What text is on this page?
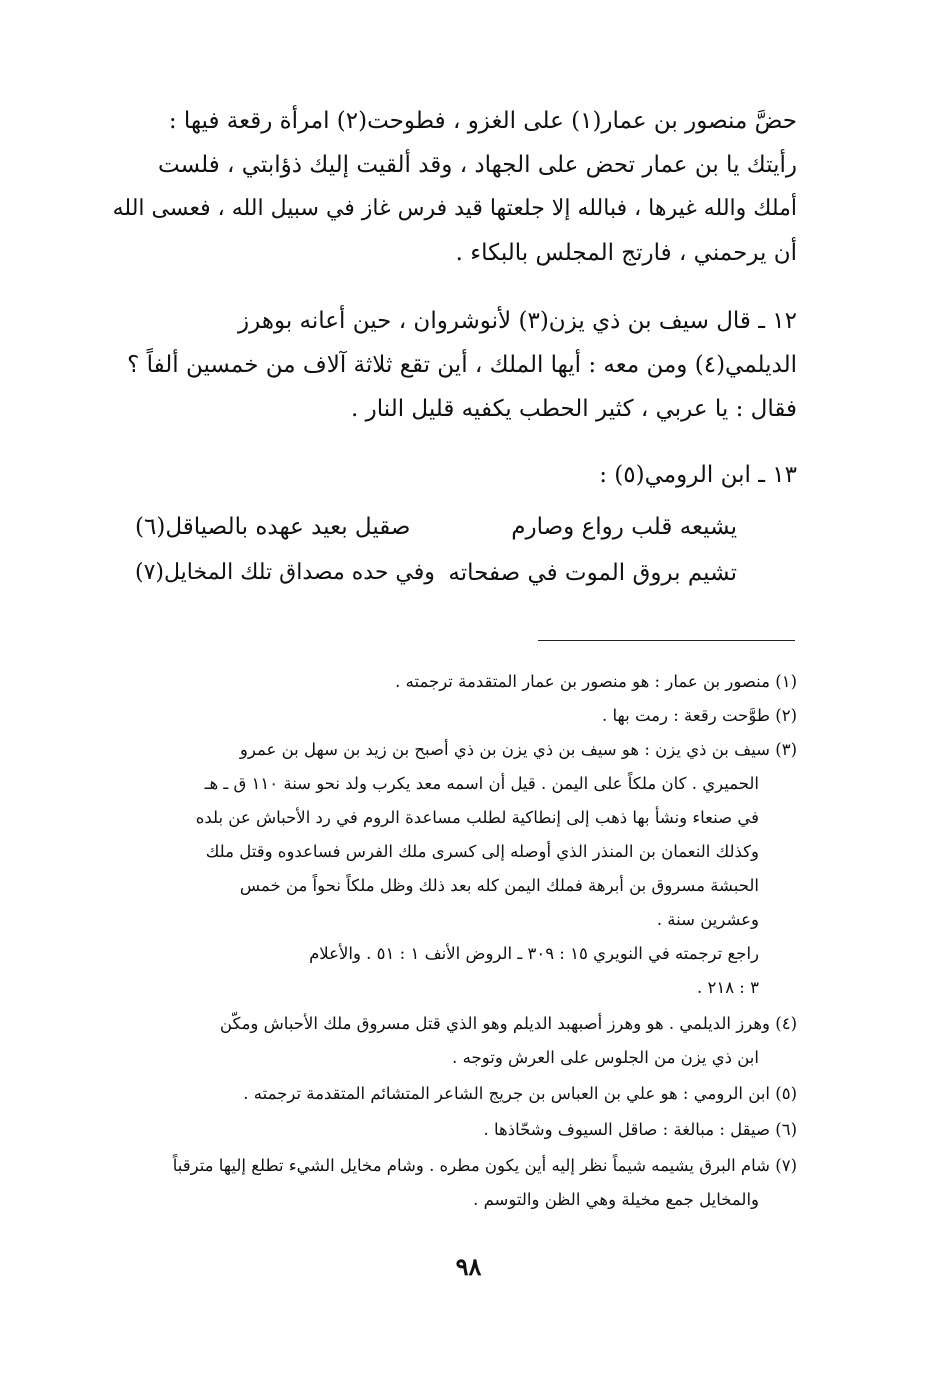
حضَّ منصور بن عمار(١) على الغزو ، فطوحت(٢) امرأة رقعة فيها :
رأيتك يا بن عمار تحض على الجهاد ، وقد ألقيت إليك ذؤابتي ، فلست
أملك والله غيرها ، فبالله إلا جلعتها قيد فرس غاز في سبيل الله ، فعسى الله
أن يرحمني ، فارتج المجلس بالبكاء .
١٢ ـ قال سيف بن ذي يزن(٣) لأنوشروان ، حين أعانه بوهرز
الديلمي(٤) ومن معه : أيها الملك ، أين تقع ثلاثة آلاف من خمسين ألفاً ؟
فقال : يا عربي ، كثير الحطب يكفيه قليل النار .
١٣ ـ ابن الرومي(٥) :
يشيعه قلب رواع وصارم
صقيل بعيد عهده بالصياقل(٦)
تشيم بروق الموت في صفحاته
وفي حده مصداق تلك المخايل(٧)
(١) منصور بن عمار : هو منصور بن عمار المتقدمة ترجمته .
(٢) طوَّحت رقعة : رمت بها .
(٣) سيف بن ذي يزن : هو سيف بن ذي يزن بن ذي أصبح بن زيد بن سهل بن عمرو
الحميري . كان ملكاً على اليمن . قيل أن اسمه معد يكرب ولد نحو سنة ١١٠ ق ـ هـ
في صنعاء ونشأ بها ذهب إلى إنطاكية لطلب مساعدة الروم في رد الأحباش عن بلده
وكذلك النعمان بن المنذر الذي أوصله إلى كسرى ملك الفرس فساعدوه وقتل ملك
الحبشة مسروق بن أبرهة فملك اليمن كله بعد ذلك وظل ملكاً نحواً من خمس
وعشرين سنة .
راجع ترجمته في النويري ١٥ : ٣٠٩ ـ الروض الأنف ١ : ٥١ . والأعلام
٣ : ٢١٨ .
(٤) وهرز الديلمي . هو وهرز أصبهبد الديلم وهو الذي قتل مسروق ملك الأحباش ومكّن
ابن ذي يزن من الجلوس على العرش وتوجه .
(٥) ابن الرومي : هو علي بن العباس بن جريج الشاعر المتشائم المتقدمة ترجمته .
(٦) صيقل : مبالغة : صاقل السيوف وشحّاذها .
(٧) شام البرق يشيمه شيماً نظر إليه أين يكون مطره . وشام مخايل الشيء تطلع إليها مترقباً
والمخايل جمع مخيلة وهي الظن والتوسم .
٩٨
